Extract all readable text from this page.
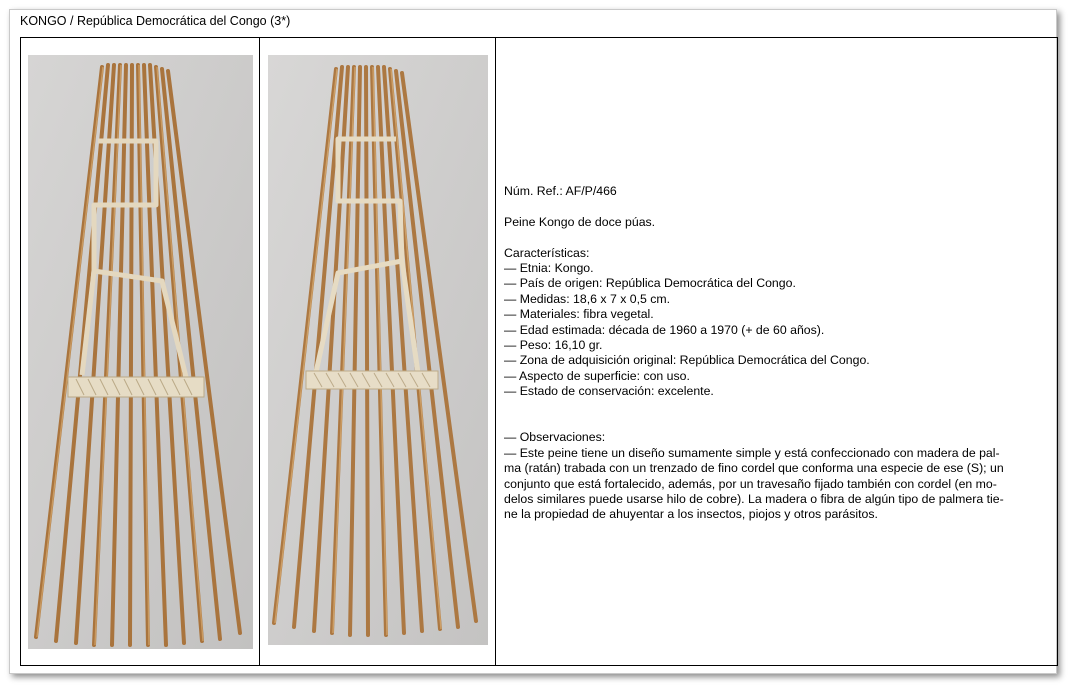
KONGO / República Democrática del Congo (3*)
Núm. Ref.: AF/P/466
Peine Kongo de doce púas.
Características:
— Etnia: Kongo.
— País de origen: República Democrática del Congo.
— Medidas: 18,6 x 7 x 0,5 cm.
— Materiales: fibra vegetal.
— Edad estimada: década de 1960 a 1970 (+ de 60 años).
— Peso: 16,10 gr.
— Zona de adquisición original: República Democrática del Congo.
— Aspecto de superficie: con uso.
— Estado de conservación: excelente.
— Observaciones:
— Este peine tiene un diseño sumamente simple y está confeccionado con madera de pal-
ma (ratán) trabada con un trenzado de fino cordel que conforma una especie de ese (S); un
conjunto que está fortalecido, además, por un travesaño fijado también con cordel (en mo-
delos similares puede usarse hilo de cobre). La madera o fibra de algún tipo de palmera tie-
ne la propiedad de ahuyentar a los insectos, piojos y otros parásitos.
